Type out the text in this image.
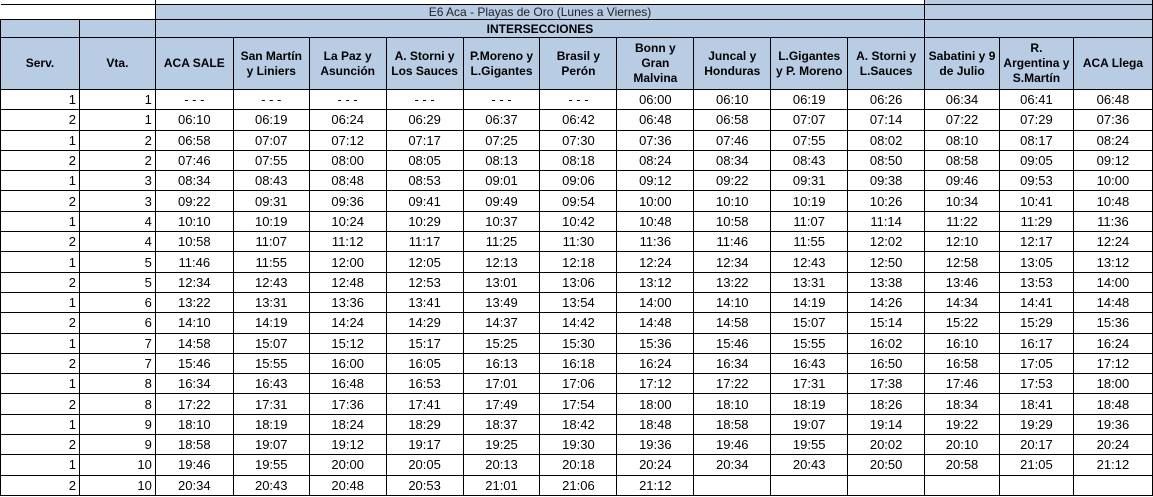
		E6 Aca - Playas de Oro (Lunes a Viernes)												
		INTERSECCIONES												
Serv.	Vta.	ACA SALE	San Martín y Liniers	La Paz y Asunción	A. Storni y Los Sauces	P.Moreno y L.Gigantes	Brasil y Perón	Bonn y Gran Malvina	Juncal y Honduras	L.Gigantes y P. Moreno	A. Storni y L.Sauces	Sabatini y 9 de Julio	R. Argentina y S.Martín	ACA Llega
1	1	- - -	- - -	- - -	- - -	- - -	- - -	06:00	06:10	06:19	06:26	06:34	06:41	06:48
2	1	06:10	06:19	06:24	06:29	06:37	06:42	06:48	06:58	07:07	07:14	07:22	07:29	07:36
1	2	06:58	07:07	07:12	07:17	07:25	07:30	07:36	07:46	07:55	08:02	08:10	08:17	08:24
2	2	07:46	07:55	08:00	08:05	08:13	08:18	08:24	08:34	08:43	08:50	08:58	09:05	09:12
1	3	08:34	08:43	08:48	08:53	09:01	09:06	09:12	09:22	09:31	09:38	09:46	09:53	10:00
2	3	09:22	09:31	09:36	09:41	09:49	09:54	10:00	10:10	10:19	10:26	10:34	10:41	10:48
1	4	10:10	10:19	10:24	10:29	10:37	10:42	10:48	10:58	11:07	11:14	11:22	11:29	11:36
2	4	10:58	11:07	11:12	11:17	11:25	11:30	11:36	11:46	11:55	12:02	12:10	12:17	12:24
1	5	11:46	11:55	12:00	12:05	12:13	12:18	12:24	12:34	12:43	12:50	12:58	13:05	13:12
2	5	12:34	12:43	12:48	12:53	13:01	13:06	13:12	13:22	13:31	13:38	13:46	13:53	14:00
1	6	13:22	13:31	13:36	13:41	13:49	13:54	14:00	14:10	14:19	14:26	14:34	14:41	14:48
2	6	14:10	14:19	14:24	14:29	14:37	14:42	14:48	14:58	15:07	15:14	15:22	15:29	15:36
1	7	14:58	15:07	15:12	15:17	15:25	15:30	15:36	15:46	15:55	16:02	16:10	16:17	16:24
2	7	15:46	15:55	16:00	16:05	16:13	16:18	16:24	16:34	16:43	16:50	16:58	17:05	17:12
1	8	16:34	16:43	16:48	16:53	17:01	17:06	17:12	17:22	17:31	17:38	17:46	17:53	18:00
2	8	17:22	17:31	17:36	17:41	17:49	17:54	18:00	18:10	18:19	18:26	18:34	18:41	18:48
1	9	18:10	18:19	18:24	18:29	18:37	18:42	18:48	18:58	19:07	19:14	19:22	19:29	19:36
2	9	18:58	19:07	19:12	19:17	19:25	19:30	19:36	19:46	19:55	20:02	20:10	20:17	20:24
1	10	19:46	19:55	20:00	20:05	20:13	20:18	20:24	20:34	20:43	20:50	20:58	21:05	21:12
2	10	20:34	20:43	20:48	20:53	21:01	21:06	21:12						
